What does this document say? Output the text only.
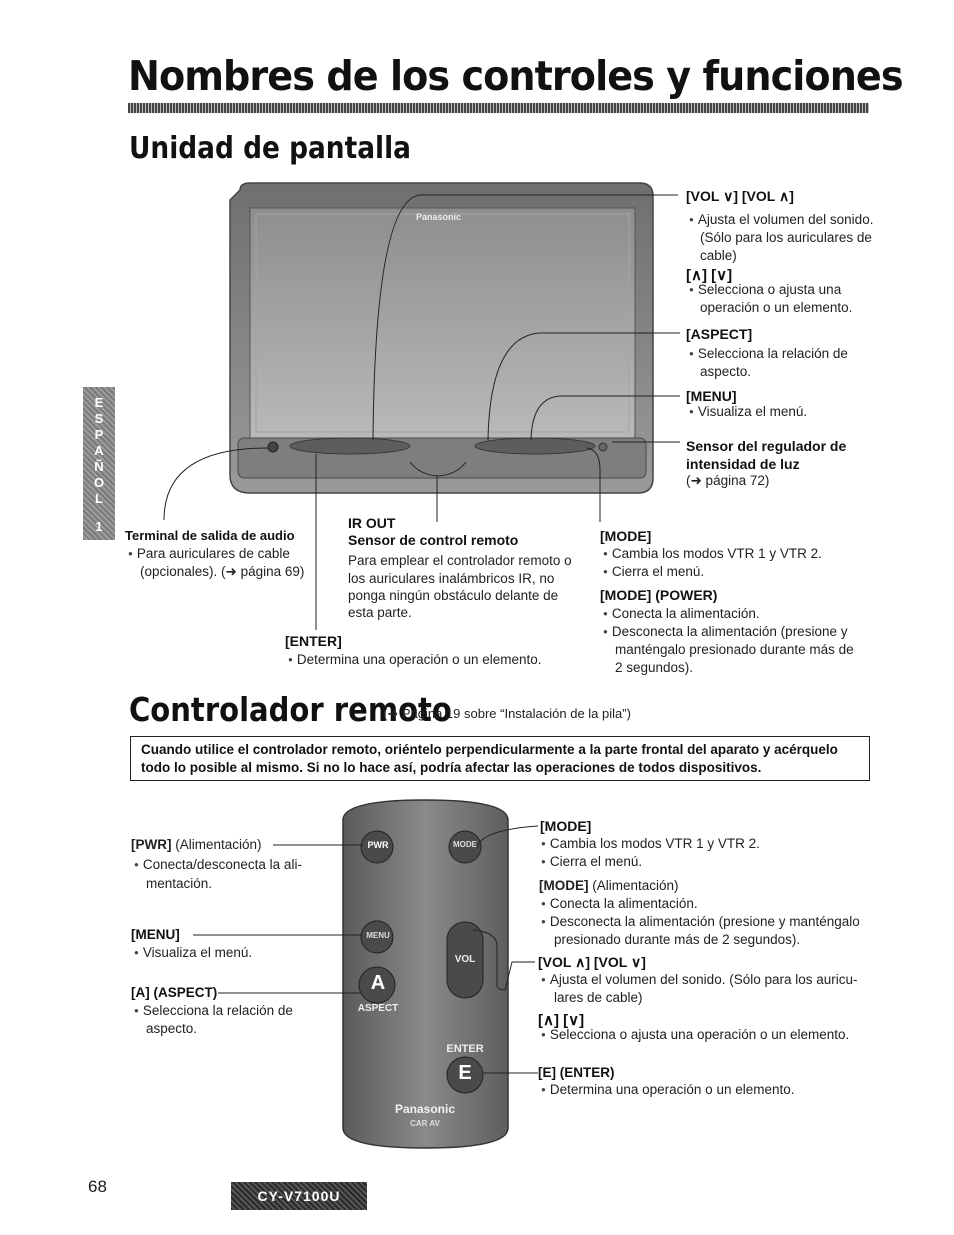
Nombres de los controles y funciones
E
S
P
A
Ñ
O
L
1
Unidad de pantalla
PWR	MODE
MENU
VOL
A
ASPECT
ENTER
E
Panasonic
CAR AV
Panasonic
[VOL ∨] [VOL ∧]
● Ajusta el volumen del sonido.
(Sólo para los auriculares de
cable)
[∧] [∨]
● Selecciona o ajusta una
operación o un elemento.
[ASPECT]
● Selecciona la relación de
aspecto.
[MENU]
● Visualiza el menú.
Sensor del regulador de
intensidad de luz
(➜ página 72)
Terminal de salida de audio
● Para auriculares de cable
(opcionales). (➜ página 69)
IR OUT
Sensor de control remoto
Para emplear el controlador remoto o
los auriculares inalámbricos IR, no
ponga ningún obstáculo delante de
esta parte.
[ENTER]
● Determina una operación o un elemento.
[MODE]
● Cambia los modos VTR 1 y VTR 2.
● Cierra el menú.
[MODE] (POWER)
● Conecta la alimentación.
● Desconecta la alimentación (presione y
manténgalo presionado durante más de
2 segundos).
Controlador remoto
(➜ Página 19 sobre “Instalación de la pila”)
Cuando utilice el controlador remoto, oriéntelo perpendicularmente a la parte frontal del aparato y acérquelo todo lo posible al mismo. Si no lo hace así, podría afectar las operaciones de todos dispositivos.
[PWR] (Alimentación)
● Conecta/desconecta la ali-
mentación.
[MENU]
● Visualiza el menú.
[A] (ASPECT)
● Selecciona la relación de
aspecto.
[MODE]
● Cambia los modos VTR 1 y VTR 2.
● Cierra el menú.
[MODE] (Alimentación)
● Conecta la alimentación.
● Desconecta la alimentación (presione y manténgalo
presionado durante más de 2 segundos).
[VOL ∧] [VOL ∨]
● Ajusta el volumen del sonido. (Sólo para los auricu-
lares de cable)
[∧] [∨]
● Selecciona o ajusta una operación o un elemento.
[E] (ENTER)
● Determina una operación o un elemento.
68	CY-V7100U
